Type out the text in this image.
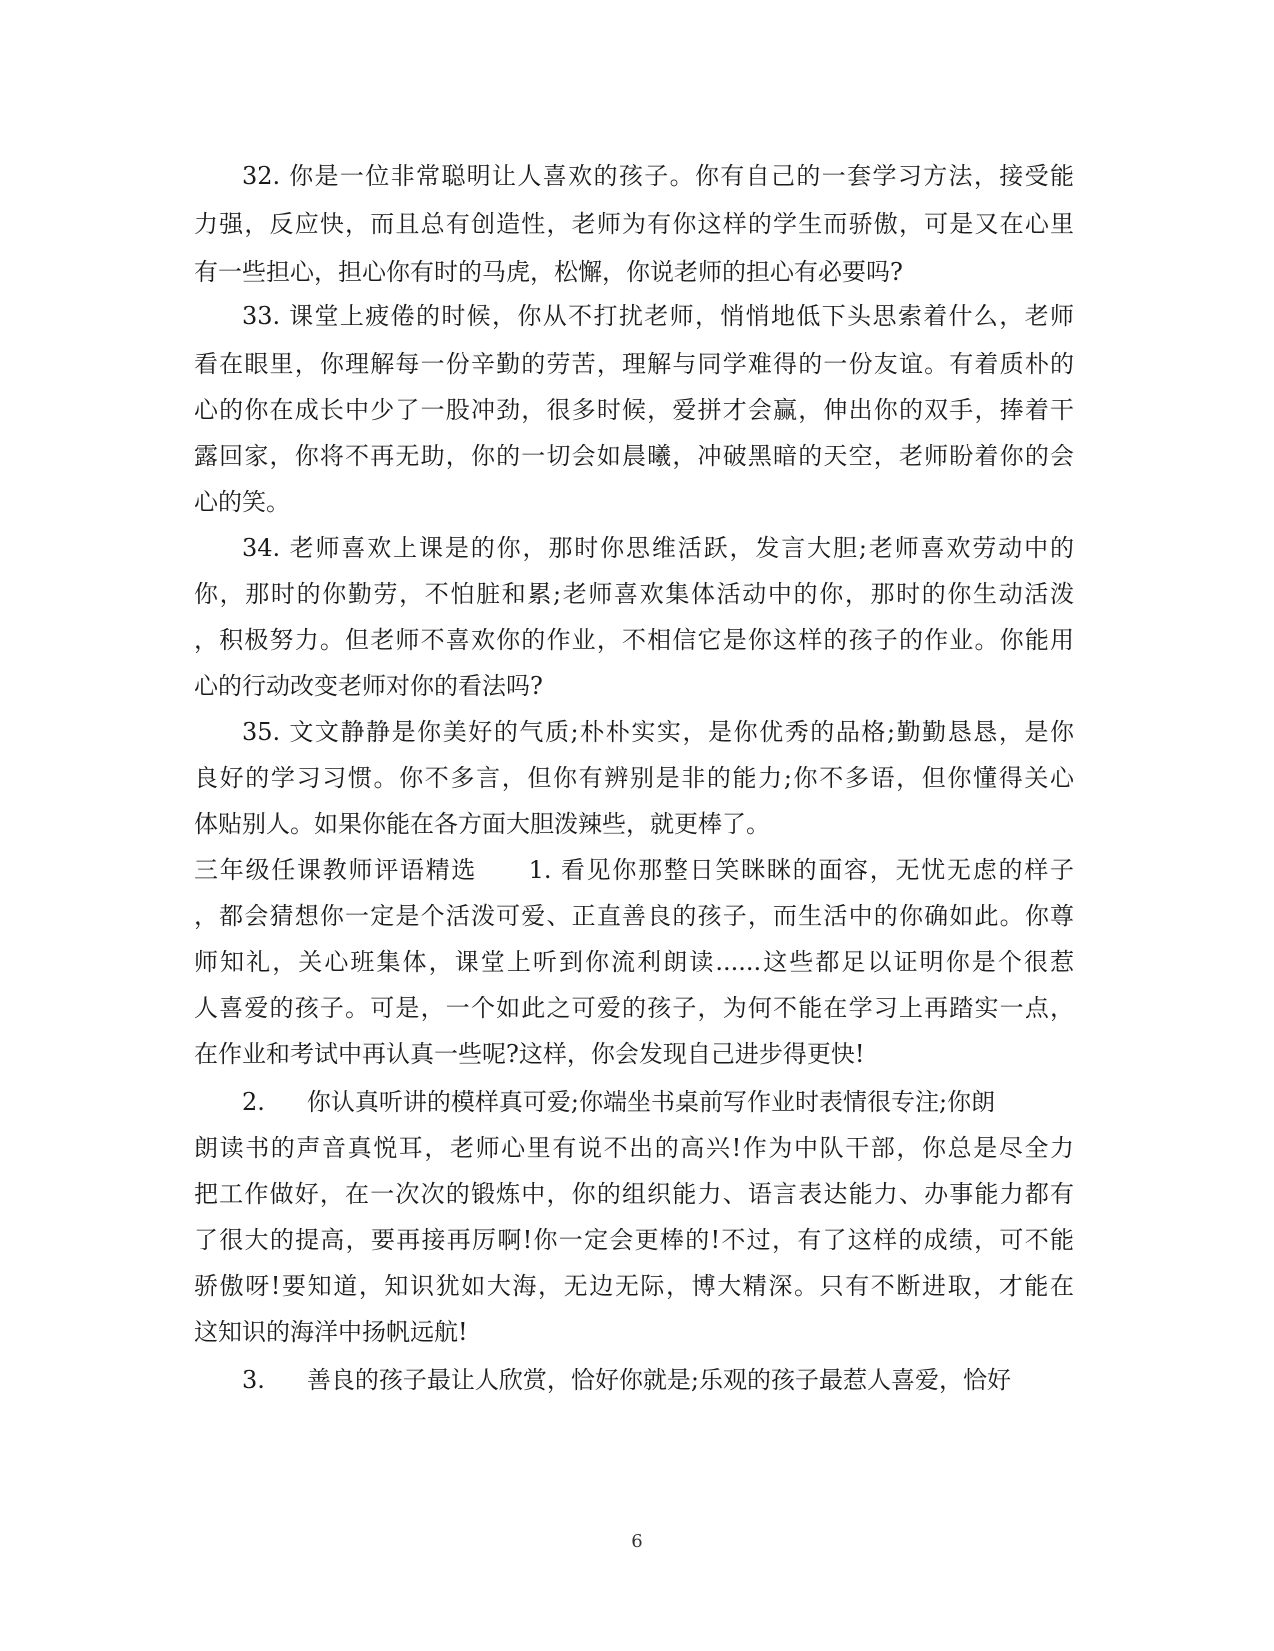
32. 你是一位非常聪明让人喜欢的孩子。你有自己的一套学习方法，接受能
力强，反应快，而且总有创造性，老师为有你这样的学生而骄傲，可是又在心里
有一些担心，担心你有时的马虎，松懈，你说老师的担心有必要吗?
33. 课堂上疲倦的时候，你从不打扰老师，悄悄地低下头思索着什么，老师
看在眼里，你理解每一份辛勤的劳苦，理解与同学难得的一份友谊。有着质朴的
心的你在成长中少了一股冲劲，很多时候，爱拼才会赢，伸出你的双手，捧着干
露回家，你将不再无助，你的一切会如晨曦，冲破黑暗的天空，老师盼着你的会
心的笑。
34. 老师喜欢上课是的你，那时你思维活跃，发言大胆;老师喜欢劳动中的
你，那时的你勤劳，不怕脏和累;老师喜欢集体活动中的你，那时的你生动活泼
，积极努力。但老师不喜欢你的作业，不相信它是你这样的孩子的作业。你能用
心的行动改变老师对你的看法吗?
35. 文文静静是你美好的气质;朴朴实实，是你优秀的品格;勤勤恳恳，是你
良好的学习习惯。你不多言，但你有辨别是非的能力;你不多语，但你懂得关心
体贴别人。如果你能在各方面大胆泼辣些，就更棒了。
三年级任课教师评语精选　　1. 看见你那整日笑眯眯的面容，无忧无虑的样子
，都会猜想你一定是个活泼可爱、正直善良的孩子，而生活中的你确如此。你尊
师知礼，关心班集体，课堂上听到你流利朗读......这些都足以证明你是个很惹
人喜爱的孩子。可是，一个如此之可爱的孩子，为何不能在学习上再踏实一点，
在作业和考试中再认真一些呢?这样，你会发现自己进步得更快!
2. 你认真听讲的模样真可爱;你端坐书桌前写作业时表情很专注;你朗
朗读书的声音真悦耳，老师心里有说不出的高兴!作为中队干部，你总是尽全力
把工作做好，在一次次的锻炼中，你的组织能力、语言表达能力、办事能力都有
了很大的提高，要再接再厉啊!你一定会更棒的!不过，有了这样的成绩，可不能
骄傲呀!要知道，知识犹如大海，无边无际，博大精深。只有不断进取，才能在
这知识的海洋中扬帆远航!
3. 善良的孩子最让人欣赏，恰好你就是;乐观的孩子最惹人喜爱，恰好
6
